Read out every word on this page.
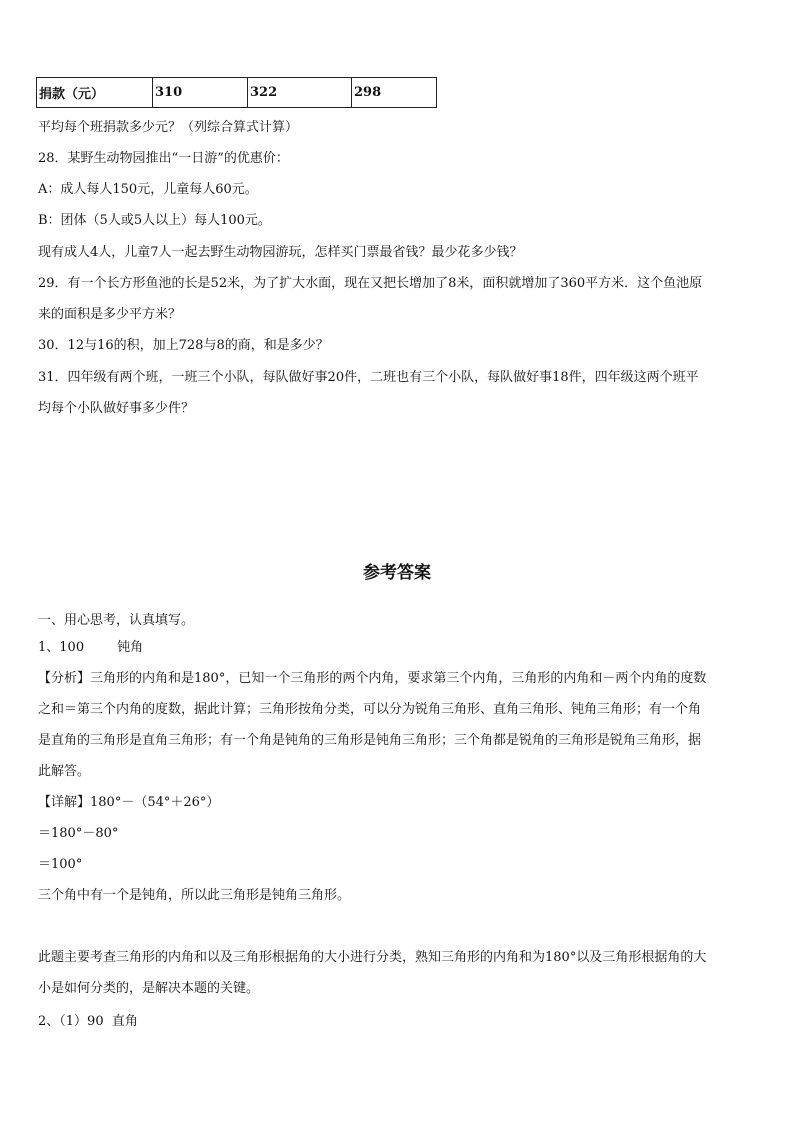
捐款（元）	310	322	298
平均每个班捐款多少元？（列综合算式计算）
28．某野生动物园推出“一日游”的优惠价：
A：成人每人150元，儿童每人60元。
B：团体（5人或5人以上）每人100元。
现有成人4人，儿童7人一起去野生动物园游玩，怎样买门票最省钱？最少花多少钱？
29．有一个长方形鱼池的长是52米，为了扩大水面，现在又把长增加了8米，面积就增加了360平方米．这个鱼池原
来的面积是多少平方米？
30．12与16的积，加上728与8的商，和是多少？
31．四年级有两个班，一班三个小队，每队做好事20件，二班也有三个小队，每队做好事18件，四年级这两个班平
均每个小队做好事多少件？
参考答案
一、用心思考，认真填写。
1、100        钝角
【分析】三角形的内角和是180°，已知一个三角形的两个内角，要求第三个内角，三角形的内角和－两个内角的度数
之和＝第三个内角的度数，据此计算；三角形按角分类，可以分为锐角三角形、直角三角形、钝角三角形；有一个角
是直角的三角形是直角三角形；有一个角是钝角的三角形是钝角三角形；三个角都是锐角的三角形是锐角三角形，据
此解答。
【详解】180°－（54°＋26°）
＝180°－80°
＝100°
三个角中有一个是钝角，所以此三角形是钝角三角形。
此题主要考查三角形的内角和以及三角形根据角的大小进行分类，熟知三角形的内角和为180°以及三角形根据角的大
小是如何分类的，是解决本题的关键。
2、（1）90  直角
